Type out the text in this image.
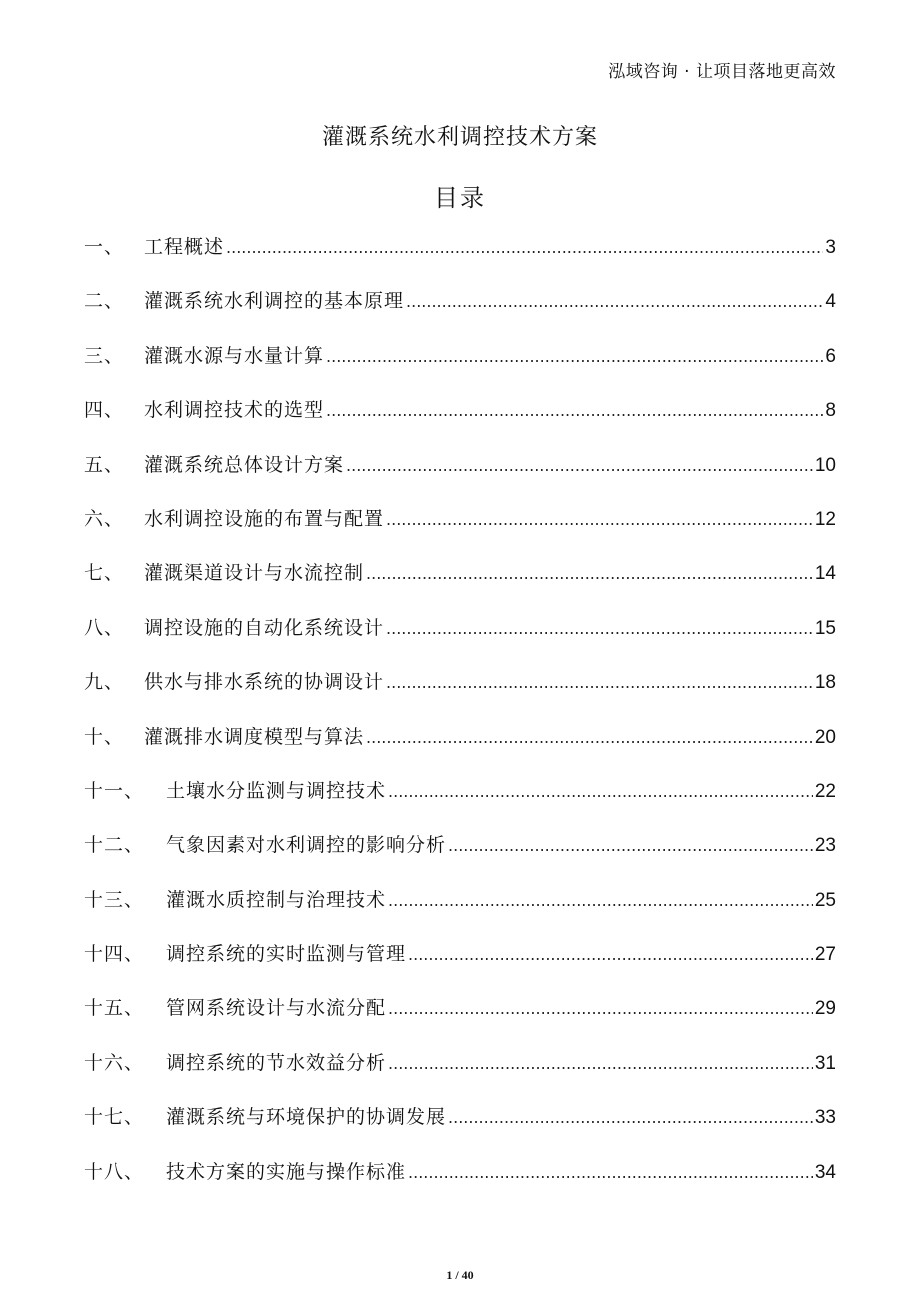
泓域咨询 · 让项目落地更高效
灌溉系统水利调控技术方案
目录
一、	工程概述 .....	3
二、	灌溉系统水利调控的基本原理 .....	4
三、	灌溉水源与水量计算 .....	6
四、	水利调控技术的选型 .....	8
五、	灌溉系统总体设计方案 .....	10
六、	水利调控设施的布置与配置 .....	12
七、	灌溉渠道设计与水流控制 .....	14
八、	调控设施的自动化系统设计 .....	15
九、	供水与排水系统的协调设计 .....	18
十、	灌溉排水调度模型与算法 .....	20
十一、	土壤水分监测与调控技术 .....	22
十二、	气象因素对水利调控的影响分析 .....	23
十三、	灌溉水质控制与治理技术 .....	25
十四、	调控系统的实时监测与管理 .....	27
十五、	管网系统设计与水流分配 .....	29
十六、	调控系统的节水效益分析 .....	31
十七、	灌溉系统与环境保护的协调发展 .....	33
十八、	技术方案的实施与操作标准 .....	34
1 / 40
